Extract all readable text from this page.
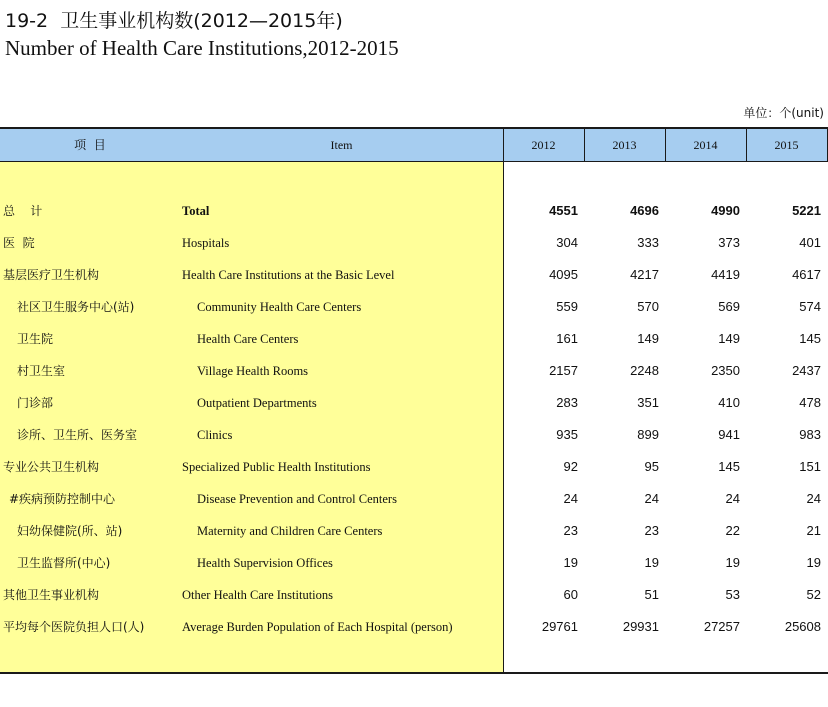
19-2  卫生事业机构数(2012—2015年)
Number of Health Care Institutions,2012-2015
单位：个(unit)
项  目	Item	2012	2013	2014	2015
总    计	Total	4551	4696	4990	5221
医  院	Hospitals	304	333	373	401
基层医疗卫生机构	Health Care Institutions at the Basic Level	4095	4217	4419	4617
社区卫生服务中心(站)	Community Health Care Centers	559	570	569	574
卫生院	Health Care Centers	161	149	149	145
村卫生室	Village Health Rooms	2157	2248	2350	2437
门诊部	Outpatient Departments	283	351	410	478
诊所、卫生所、医务室	Clinics	935	899	941	983
专业公共卫生机构	Specialized Public Health Institutions	92	95	145	151
#疾病预防控制中心	Disease Prevention and Control Centers	24	24	24	24
妇幼保健院(所、站)	Maternity and Children Care Centers	23	23	22	21
卫生监督所(中心)	Health Supervision Offices	19	19	19	19
其他卫生事业机构	Other Health Care Institutions	60	51	53	52
平均每个医院负担人口(人)	Average Burden Population of Each Hospital (person)	29761	29931	27257	25608
